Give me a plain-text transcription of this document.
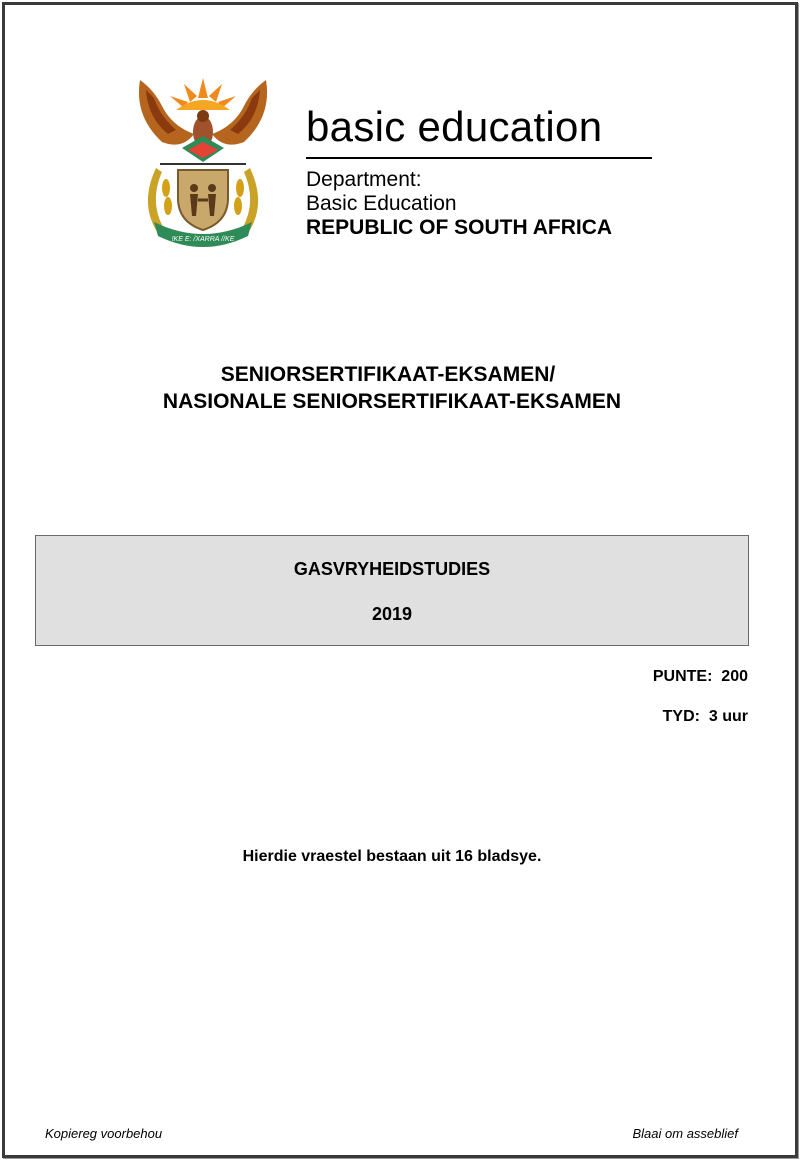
!KE E: /XARRA //KE
basic education
Department:
Basic Education
REPUBLIC OF SOUTH AFRICA
SENIORSERTIFIKAAT-EKSAMEN/
NASIONALE SENIORSERTIFIKAAT-EKSAMEN
GASVRYHEIDSTUDIES
2019
PUNTE:  200
TYD:  3 uur
Hierdie vraestel bestaan uit 16 bladsye.
Kopiereg voorbehou	Blaai om asseblief
